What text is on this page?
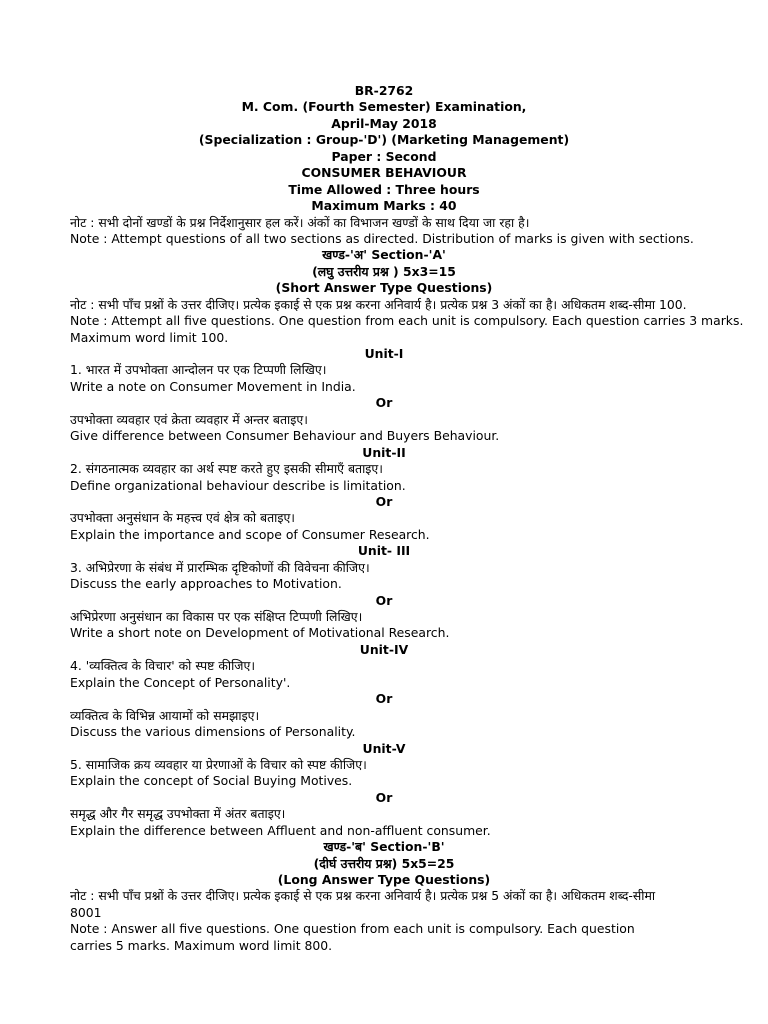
BR-2762
M. Com. (Fourth Semester) Examination,
April-May 2018
(Specialization : Group-'D') (Marketing Management)
Paper : Second
CONSUMER BEHAVIOUR
Time Allowed : Three hours
Maximum Marks : 40
नोट : सभी दोनों खण्डों के प्रश्न निर्देशानुसार हल करें। अंकों का विभाजन खण्डों के साथ दिया जा रहा है।
Note : Attempt questions of all two sections as directed. Distribution of marks is given with sections.
खण्ड-'अ' Section-'A'
(लघु उत्तरीय प्रश्न ) 5x3=15
(Short Answer Type Questions)
नोट : सभी पाँच प्रश्नों के उत्तर दीजिए। प्रत्येक इकाई से एक प्रश्न करना अनिवार्य है। प्रत्येक प्रश्न 3 अंकों का है। अधिकतम शब्द-सीमा 100.
Note : Attempt all five questions. One question from each unit is compulsory. Each question carries 3 marks.
Maximum word limit 100.
Unit-I
1. भारत में उपभोक्ता आन्दोलन पर एक टिप्पणी लिखिए।
Write a note on Consumer Movement in India.
Or
उपभोक्ता व्यवहार एवं क्रेता व्यवहार में अन्तर बताइए।
Give difference between Consumer Behaviour and Buyers Behaviour.
Unit-II
2. संगठनात्मक व्यवहार का अर्थ स्पष्ट करते हुए इसकी सीमाएँ बताइए।
Define organizational behaviour describe is limitation.
Or
उपभोक्ता अनुसंधान के महत्त्व एवं क्षेत्र को बताइए।
Explain the importance and scope of Consumer Research.
Unit- III
3. अभिप्रेरणा के संबंध में प्रारम्भिक दृष्टिकोणों की विवेचना कीजिए।
Discuss the early approaches to Motivation.
Or
अभिप्रेरणा अनुसंधान का विकास पर एक संक्षिप्त टिप्पणी लिखिए।
Write a short note on Development of Motivational Research.
Unit-IV
4. 'व्यक्तित्व के विचार' को स्पष्ट कीजिए।
Explain the Concept of Personality'.
Or
व्यक्तित्व के विभिन्न आयामों को समझाइए।
Discuss the various dimensions of Personality.
Unit-V
5. सामाजिक क्रय व्यवहार या प्रेरणाओं के विचार को स्पष्ट कीजिए।
Explain the concept of Social Buying Motives.
Or
समृद्ध और गैर समृद्ध उपभोक्ता में अंतर बताइए।
Explain the difference between Affluent and non-affluent consumer.
खण्ड-'ब' Section-'B'
(दीर्घ उत्तरीय प्रश्न) 5x5=25
(Long Answer Type Questions)
नोट : सभी पाँच प्रश्नों के उत्तर दीजिए। प्रत्येक इकाई से एक प्रश्न करना अनिवार्य है। प्रत्येक प्रश्न 5 अंकों का है। अधिकतम शब्द-सीमा
8001
Note : Answer all five questions. One question from each unit is compulsory. Each question
carries 5 marks. Maximum word limit 800.
